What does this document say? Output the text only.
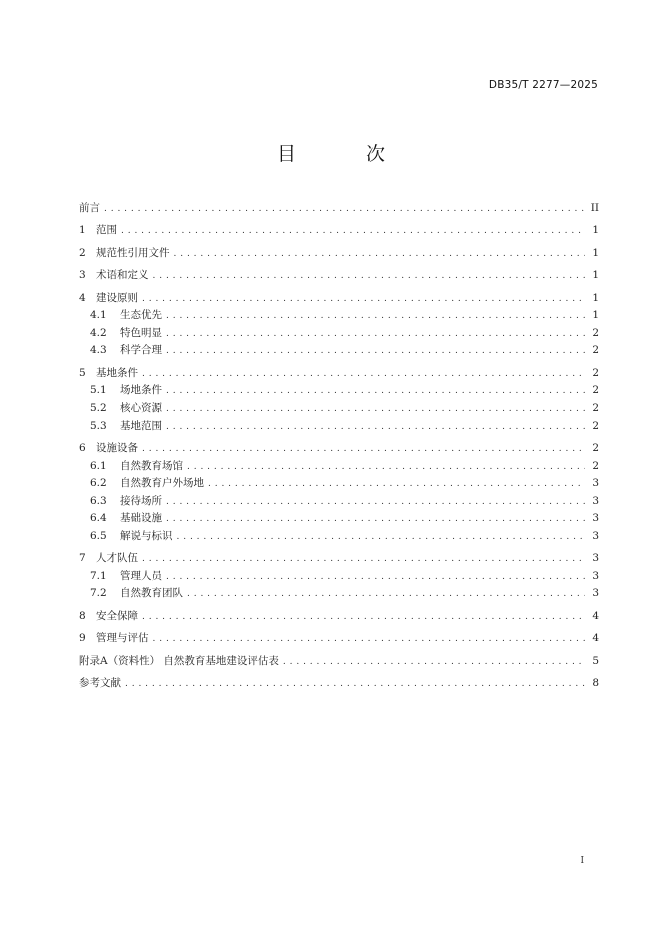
DB35/T 2277—2025
目 次
前言 . . .	II
1 范围 . . .	1
2 规范性引用文件 . . .	1
3 术语和定义 . . .	1
4 建设原则 . . .	1
4.1	生态优先 . . .	1
4.2	特色明显 . . .	2
4.3	科学合理 . . .	2
5 基地条件 . . .	2
5.1	场地条件 . . .	2
5.2	核心资源 . . .	2
5.3	基地范围 . . .	2
6 设施设备 . . .	2
6.1	自然教育场馆 . . .	2
6.2	自然教育户外场地 . . .	3
6.3	接待场所 . . .	3
6.4	基础设施 . . .	3
6.5	解说与标识 . . .	3
7 人才队伍 . . .	3
7.1	管理人员 . . .	3
7.2	自然教育团队 . . .	3
8 安全保障 . . .	4
9 管理与评估 . . .	4
附录A（资料性） 自然教育基地建设评估表 . . .	5
参考文献 . . .	8
I
